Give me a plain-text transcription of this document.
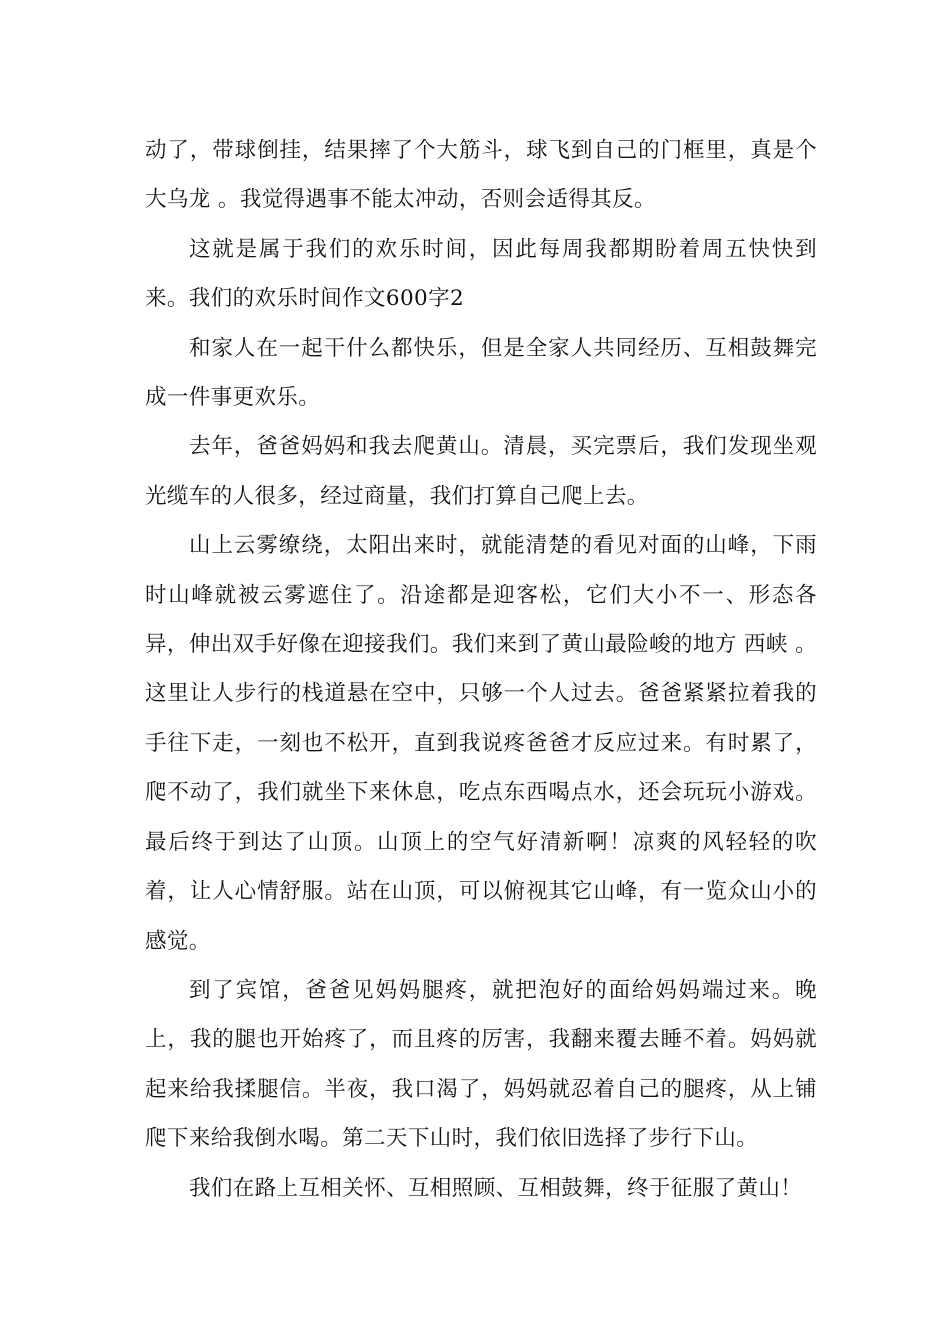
动了，带球倒挂，结果摔了个大筋斗，球飞到自己的门框里，真是个 大乌龙 。我觉得遇事不能太冲动，否则会适得其反。

这就是属于我们的欢乐时间，因此每周我都期盼着周五快快到来。我们的欢乐时间作文600字2

和家人在一起干什么都快乐，但是全家人共同经历、互相鼓舞完成一件事更欢乐。

去年，爸爸妈妈和我去爬黄山。清晨，买完票后，我们发现坐观光缆车的人很多，经过商量，我们打算自己爬上去。

山上云雾缭绕，太阳出来时，就能清楚的看见对面的山峰，下雨时山峰就被云雾遮住了。沿途都是迎客松，它们大小不一、形态各异，伸出双手好像在迎接我们。我们来到了黄山最险峻的地方 西峡 。这里让人步行的栈道悬在空中，只够一个人过去。爸爸紧紧拉着我的手往下走，一刻也不松开，直到我说疼爸爸才反应过来。有时累了，爬不动了，我们就坐下来休息，吃点东西喝点水，还会玩玩小游戏。最后终于到达了山顶。山顶上的空气好清新啊！凉爽的风轻轻的吹着，让人心情舒服。站在山顶，可以俯视其它山峰，有一览众山小的感觉。

到了宾馆，爸爸见妈妈腿疼，就把泡好的面给妈妈端过来。晚上，我的腿也开始疼了，而且疼的厉害，我翻来覆去睡不着。妈妈就起来给我揉腿信。半夜，我口渴了，妈妈就忍着自己的腿疼，从上铺爬下来给我倒水喝。第二天下山时，我们依旧选择了步行下山。

我们在路上互相关怀、互相照顾、互相鼓舞，终于征服了黄山！
